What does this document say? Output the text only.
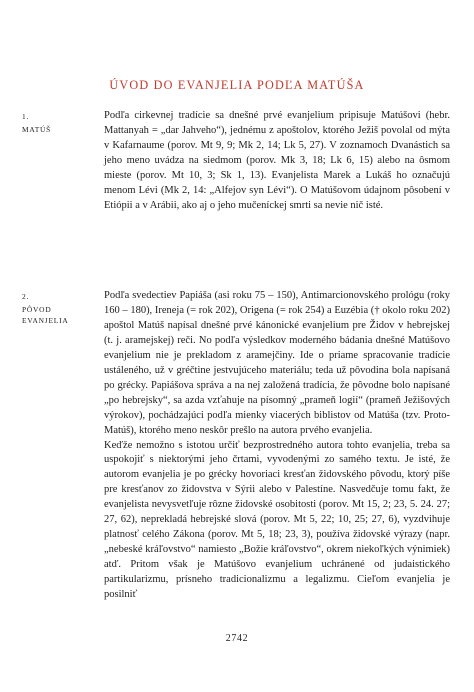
ÚVOD DO EVANJELIA PODĽA MATÚŠA
1.
MATÚŠ

Podľa cirkevnej tradície sa dnešné prvé evanjelium pripisuje Matúšovi (hebr. Mattanyah = „dar Jahveho“), jednému z apoštolov, ktorého Ježiš povolal od mýta v Kafarnaume (porov. Mt 9, 9; Mk 2, 14; Lk 5, 27). V zoznamoch Dvanástich sa jeho meno uvádza na siedmom (porov. Mk 3, 18; Lk 6, 15) alebo na ôsmom mieste (porov. Mt 10, 3; Sk 1, 13). Evanjelista Marek a Lukáš ho označujú menom Lévi (Mk 2, 14: „Alfejov syn Lévi“). O Matúšovom údajnom pôsobení v Etiópii a v Arábii, ako aj o jeho mučeníckej smrti sa nevie nič isté.

2.
PÔVOD EVANJELIA

Podľa svedectiev Papiáša (asi roku 75 – 150), Antimarcionovského prológu (roky 160 – 180), Ireneja (= rok 202), Origena (= rok 254) a Euzébia († okolo roku 202) apoštol Matúš napísal dnešné prvé kánonické evanjelium pre Židov v hebrejskej (t. j. aramejskej) reči. No podľa výsledkov moderného bádania dnešné Matúšovo evanjelium nie je prekladom z aramejčiny. Ide o priame spracovanie tradície ustáleného, už v gréčtine jestvujúceho materiálu; teda už pôvodina bola napísaná po grécky. Papiášova správa a na nej založená tradícia, že pôvodne bolo napísané „po hebrejsky“, sa azda vzťahuje na písomný „prameň logií“ (prameň Ježišových výrokov), pochádzajúci podľa mienky viacerých biblistov od Matúša (tzv. Proto-Matúš), ktorého meno neskôr prešlo na autora prvého evanjelia.

Keďže nemožno s istotou určiť bezprostredného autora tohto evanjelia, treba sa uspokojiť s niektorými jeho črtami, vyvodenými zo samého textu. Je isté, že autorom evanjelia je po grécky hovoriaci kresťan židovského pôvodu, ktorý píše pre kresťanov zo židovstva v Sýrii alebo v Palestíne. Nasvedčuje tomu fakt, že evanjelista nevysvetľuje rôzne židovské osobitosti (porov. Mt 15, 2; 23, 5. 24. 27; 27, 62), neprekladá hebrejské slová (porov. Mt 5, 22; 10, 25; 27, 6), vyzdvihuje platnosť celého Zákona (porov. Mt 5, 18; 23, 3), používa židovské výrazy (napr. „nebeské kráľovstvo“ namiesto „Božie kráľovstvo“, okrem niekoľkých výnimiek) atď. Pritom však je Matúšovo evanjelium uchránené od judaistického partikularizmu, prísneho tradicionalizmu a legalizmu. Cieľom evanjelia je posilniť

2742
